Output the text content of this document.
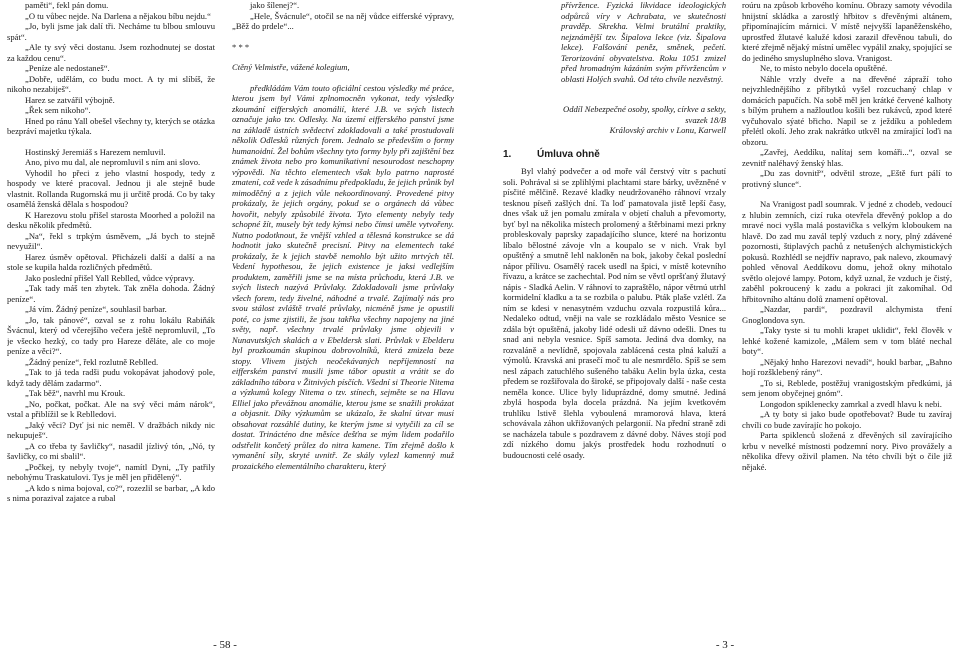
paměti“, fekl pán domu.

„O tu vůbec nejde. Na Darlena a nějakou bíbu nejdu.“

„Jo, byli jsme jak dalí tři. Necháme tu blbou smlouvu spát“.

„Ale ty svý věci dostanu. Jsem rozhodnutej se dostat za každou cenu“.

„Peníze ale nedostaneš“.

„Dobře, udělám, co budu moct. A ty mi slíbíš, že nikoho nezabiješ“.

Harez se zatvářil výbojně.

„Řek sem nikoho“.

Hned po ránu Yall obešel všechny ty, kterých se otázka bezpráví majetku týkala.

Hostinský Jeremiáš s Harezem nemluvil.

Ano, pivo mu dal, ale nepromluvil s ním ani slovo.

Vyhodil ho přeci z jeho vlastní hospody, tedy z hospody ve které pracoval. Jednou ji ale stejně bude vlastnit. Rollanda Rugornská mu ji určitě prodá. Co by taky osamělá ženská dělala s hospodou?

K Harezovu stolu přišel starosta Moorhed a položil na desku několik předmětů.

„Na“, řekl s trpkým úsměvem, „Já bych to stejně nevyužil“.

Harez úsměv opětoval. Přicházeli další a další a na stole se kupila halda rozličných předmětů.

Jako poslední přišel Yall Reblled, vůdce výpravy.

„Tak tady máš ten zbytek. Tak zněla dohoda. Žádný peníze“.

„Já vím. Žádný peníze“, souhlasil barbar.

„Jo, tak pánové“, ozval se z rohu lokálu Rabiňák Švácnul, který od včerejšího večera ještě nepromluvil, „To je všecko hezký, co tady pro Hareze děláte, ale co moje peníze a věci?“.

„Žádný peníze“, řekl rozlutně Reblled.

„Tak to já teda radši pudu vokopávat jahodový pole, když tady dělám zadarmo“.

„Tak běž“, navrhl mu Krouk.

„No, počkat, počkat. Ale na svý věci mám nárok“, vstal a přiblížil se k Reblledovi.

„Jaký věci? Dyť jsi nic neměl. V dražbách nikdy nic nekupuješ“.

„A co třeba ty šavličky“, nasadil jízlivý tón, „Nó, ty šavličky, co mi sbalil“.

„Počkej, ty nebyly tvoje“, namítl Dyni, „Ty patřily nebohýmu Traskatulovi. Tys je měl jen přidělený“.

„A kdo s nima bojoval, co?“, rozezlil se barbar, „A kdo s nima porazival zajatce a rubal

jako šílenej?“.

„Hele, Švácnule“, otočil se na něj vůdce eifferské výpravy, „Běž do prdele“...

* * *

Ctěný Velmistře, vážené kolegium,

předkládám Vám touto oficiální cestou výsledky mé práce, kterou jsem byl Vámi zplnomocněn vykonat, tedy výsledky zkoumání eifferských anomálií, které J.B. ve svých listech označuje jako tzv. Odlesky. Na území eifferského panství jsme na základě ústních svědectví zdokladovali a také prostudovali několik Odlesků různých forem. Jednalo se především o formy humanoidní. Žel bohům všechny tyto formy byly při zajištění bez známek života nebo pro komunikativní nesourodost neschopny výpovědi. Na těchto elementech však bylo patrno naprosté zmatení, což vede k zásadnímu předpokladu, že jejich průnik byl mimoděčný a z jejich vůle nekoordinovaný. Provedené pitvy prokázaly, že jejich orgány, pokud se o orgánech dá vůbec hovořit, nebyly způsobilé života. Tyto elementy nebyly tedy schopné žít, musely být tedy kýmsi nebo čímsi uměle vytvořeny. Nutno podotknout, že vnější vzhled a tělesná konstrukce se dá hodnotit jako skutečně precisní. Pitvy na elementech také prokázaly, že k jejich stavbě nemohlo být užito mrtvých těl. Vedení hypothesou, že jejich existence je jaksi vedlejším produktem, zaměřili jsme se na místa průchodu, která J.B. ve svých listech nazývá Průvlaky. Zdokladovali jsme průvlaky všech forem, tedy živelné, náhodné a trvalé. Zajímalý nás pro svou stálost zvláště trvalé průvlaky, nicméně jsme je opustili poté, co jsme zjistili, že jsou takřka všechny napojeny na jiné světy, např. všechny trvalé průvlaky jsme objevili v Nunavutských skalách a v Ebeldersk slati. Průvlak v Ebelderu byl prozkoumán skupinou dobrovolníků, která zmizela beze stopy. Vlivem jistých neočekávaných nepříjemností na eifferském panství musili jsme tábor opustit a vrátit se do základního tábora v Žitnivých písčích. Všední si Theorie Nitema a výzkumů kolegy Nitema o tzv. stínech, sejměte se na Hlavu Elliel jako převážnou anomálie, kterou jsme se snažili prokázat a objasnit. Díky výzkumům se ukázalo, že skalní útvar musí obsahovat rozsáhlé dutiny, ke kterým jsme si vytyčili za cíl se dostat. Trinácténo dne měsíce dešťna se mým lidem podařilo odstřelit končetý průlez do nitra kamene. Tím zřejmě došlo k vymanění síly, skryté uvnitř. Ze skály vylezl kamenný muž prozaického elementálního charakteru, který

- 58 -

přívržence. Fyzická likvidace ideologických odpůrců víry v Achrabata, ve skutečnosti pravděp. Skrekha. Velmi brutální praktiky, nejznámější tzv. Šipalova lekce (viz. Šipalova lekce). Falšování peněz, směnek, pečetí. Terorizování obyvatelstva. Roku 1051 zmizel před hromadným kázáním svým přívržencům v oblasti Holých svahů. Od této chvíle nezvěstný.

Oddíl Nebezpečné osoby, spolky, církve a sekty,

svazek 18/B

Královský archiv v Lonu, Karwell

1.	Úmluva ohně

Byl vlahý podvečer a od moře vál čerstvý vítr s pachutí soli. Pohrával si se zplihlými plachtami stare bárky, uvězněné v písčité mělčině. Rezavé kladky neudržovaného ráhnoví vrzaly tesknou píseň zašlých dní. Ta loď pamatovala jistě lepší časy, dnes však už jen pomalu zmírala v objetí chaluh a převomorty, byť byl na několika místech prolomený a štěrbinami mezi prkny probleskovaly paprsky zapadajícího slunce, které na horizontu líbalo bělostné závoje vln a koupalo se v nich. Vrak byl opuštěný a smutně lehl nakloněn na bok, jakoby čekal poslední nápor přílivu. Osamělý racek usedl na špici, v místě kotevního řívazu, a krátce se zachechtal. Pod ním se věvtl opršťaný žlutavý nápis - Sladká Aelin. V ráhnoví to zapraštělo, nápor větrnú utrhl kormidelní kladku a ta se rozbila o palubu. Pták plaše vzlétl. Za ním se kdesi v nenasytném vzduchu ozvala rozpustilá kůra... Nedaleko odtud, vněji na vale se rozkládalo město Vesnice se zdála být opuštěná, jakoby lidé odesli už dávno odešli. Dnes tu snad ani nebyla vesnice. Spíš samota. Jediná dva domky, na rozvaláně a nevlídně, spojovala zablácená cesta plná kaluží a výmolů. Kravská ani prasečí moč tu ale nesmrdělo. Spíš se sem nesl zápach zatuchlého sušeného tabáku Aelin byla úzka, cesta předem se rozšiřovala do široké, se připojovaly další - naše cesta neměla konce. Ulice byly liduprázdné, domy smutné. Jediná zbylá hospoda byla docela prázdná. Na jejím kvetkovém truhlíku lstivě šlehla vyboulená mramorová hlava, která schovávala záhon ukřižovaných pelargonií. Na přední straně zdi se nacházela tabule s pozdravem z dávné doby. Náves stojí pod zdí nízkého domu jakýs prostředek hodu rozhodnutí o budoucnosti celé osady.

roúru na způsob krbového komínu. Obrazy samoty vévodila hnijstní skládka a zarostlý hřbitov s dřevěnými altánem, připomínajícím márnici. V místě nejvyšší lapaněženského, uprostřed žlutavé kalužé kdosi zarazil dřevěnou tabuli, do které zřejmě nějaký místní umělec vypálil znaky, spojující se do jediného smysluplného slova. Vranigost.

Ne, to místo nebylo docela opuštěné.

Náhle vrzly dveře a na dřevěné zápraží toho nejvzhlednějšího z příbytků vyšel rozcuchaný chlap v domácích papučích. Na sobě měl jen krátké červené kalhoty s bílým pruhem a nažloutlou košili bez rukávců, zpod které vyčuhovalo sýaté břicho. Napil se z ježdíku a pohledem přelétl okolí. Jeho zrak nakrátko utkvěl na zmírající loďi na obzoru.

„Zavřej, Aeddíku, nalítaj sem komáři...“, ozval se zevnitř naléhavý ženský hlas.

„Du zas dovnitř“, odvětil stroze, „Eště furt pálí to protivný slunce“.

Na Vranigost padl soumrak. V jedné z chodeb, vedoucí z hlubin zemních, cizí ruka otevřela dřevěný poklop a do mravé noci vyšla malá postavička s velkým kloboukem na hlavě. Do zad mu zavál teplý vzduch z nory, plný zdávené pozornosti, štiplavých pachů z netušených alchymistických pokusů. Rozhlédl se nejdřív napravo, pak nalevo, zkoumavý pohled věnoval Aeddíkovu domu, jehož okny mihotalo světlo olejové lampy. Potom, když uznal, že vzduch je čistý, zaběhl pokroucený k zadu a pokraci jít zakomíhal. Od hřbitovního altánu dolů znamení opětoval.

„Nazdar, pardi“, pozdravil alchymista tření Gnoglondova syn.

„Taky tyste si tu mohli krapet uklidit“, řekl člověk v lehké kožené kamizole, „Málem sem v tom bláté nechal boty“.

„Nějaký hnho Harezovi nevadí“, houkl barbar, „Bahno hojí rozšklebený rány“.

„To si, Reblede, postěžuj vranigostským předkúmi, já sem jenom obyčejnej gnóm“.

Longodon spiklenecky zamrkal a zvedl hlavu k nebi.

„A ty boty si jako bude opotřebovat? Bude tu zavíraj chvíli co bude zavírajíc ho pokojo.

Parta spiklenců složená z dřevěných sil zavírajícího krbu v nevelké místnosti podzemní nory. Pivo provážely a několika dřevy oživil plamen. Na této chvíli být o čile již nějaké.

- 3 -
